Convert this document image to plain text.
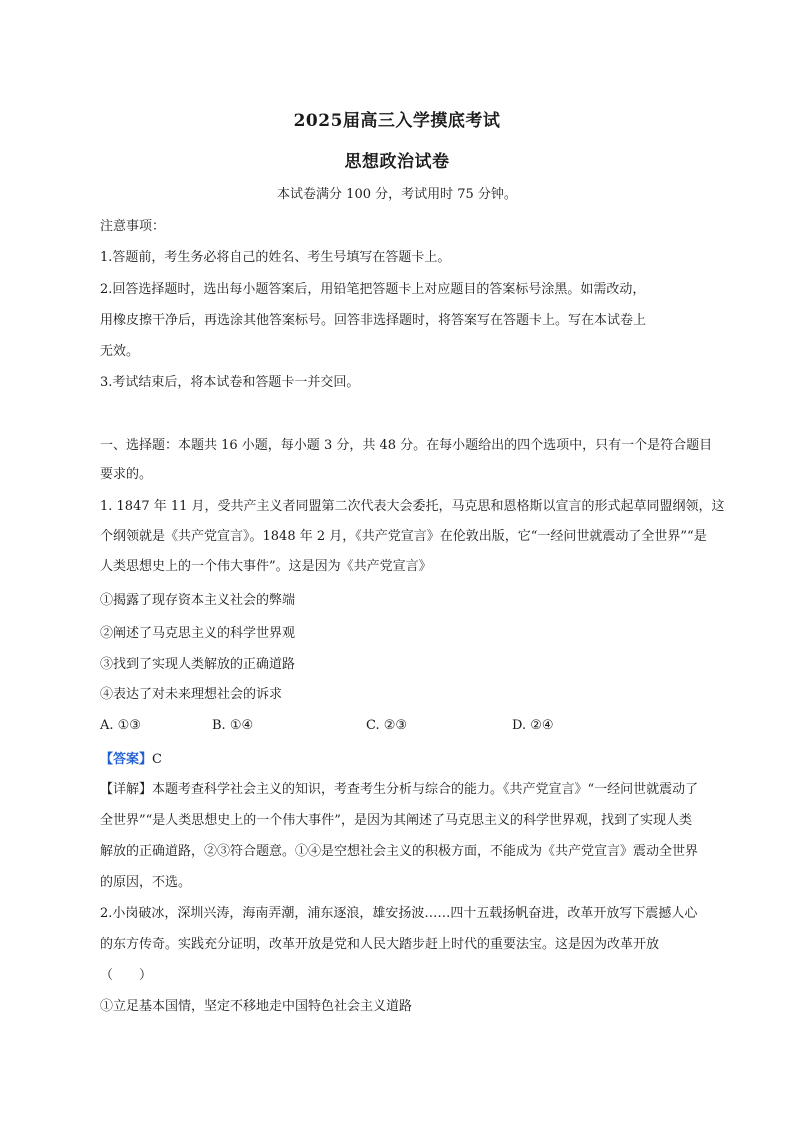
2025届高三入学摸底考试
思想政治试卷
本试卷满分 100 分，考试用时 75 分钟。
注意事项：
1.答题前，考生务必将自己的姓名、考生号填写在答题卡上。
2.回答选择题时，选出每小题答案后，用铅笔把答题卡上对应题目的答案标号涂黑。如需改动，
用橡皮擦干净后，再选涂其他答案标号。回答非选择题时，将答案写在答题卡上。写在本试卷上
无效。
3.考试结束后，将本试卷和答题卡一并交回。
一、选择题：本题共 16 小题，每小题 3 分，共 48 分。在每小题给出的四个选项中，只有一个是符合题目
要求的。
1. 1847 年 11 月，受共产主义者同盟第二次代表大会委托，马克思和恩格斯以宣言的形式起草同盟纲领，这
个纲领就是《共产党宣言》。1848 年 2 月，《共产党宣言》在伦敦出版，它“一经问世就震动了全世界”“是
人类思想史上的一个伟大事件”。这是因为《共产党宣言》
①揭露了现存资本主义社会的弊端
②阐述了马克思主义的科学世界观
③找到了实现人类解放的正确道路
④表达了对未来理想社会的诉求
A. ①③	B. ①④	C. ②③	D. ②④
【答案】C
【详解】本题考查科学社会主义的知识，考查考生分析与综合的能力。《共产党宣言》“一经问世就震动了
全世界”“是人类思想史上的一个伟大事件”，是因为其阐述了马克思主义的科学世界观，找到了实现人类
解放的正确道路，②③符合题意。①④是空想社会主义的积极方面，不能成为《共产党宣言》震动全世界
的原因，不选。
2.小岗破冰，深圳兴涛，海南弄潮，浦东逐浪，雄安扬波……四十五载扬帆奋进，改革开放写下震撼人心
的东方传奇。实践充分证明，改革开放是党和人民大踏步赶上时代的重要法宝。这是因为改革开放
（　　）
①立足基本国情，坚定不移地走中国特色社会主义道路
